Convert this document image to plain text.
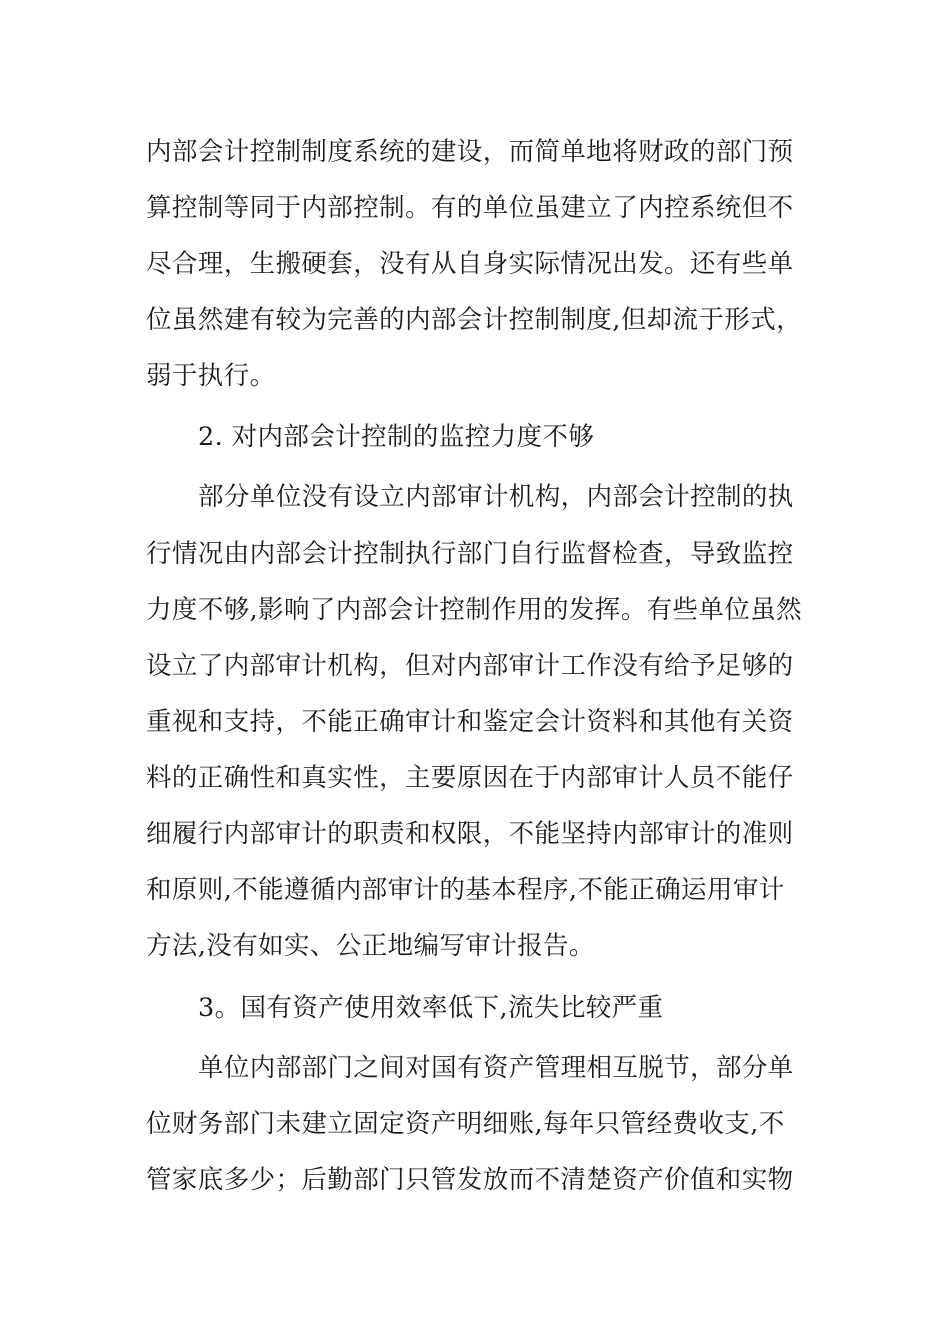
内部会计控制制度系统的建设，而简单地将财政的部门预
算控制等同于内部控制。有的单位虽建立了内控系统但不
尽合理，生搬硬套，没有从自身实际情况出发。还有些单
位虽然建有较为完善的内部会计控制制度,但却流于形式，
弱于执行。
2. 对内部会计控制的监控力度不够
部分单位没有设立内部审计机构，内部会计控制的执
行情况由内部会计控制执行部门自行监督检查，导致监控
力度不够,影响了内部会计控制作用的发挥。有些单位虽然
设立了内部审计机构，但对内部审计工作没有给予足够的
重视和支持，不能正确审计和鉴定会计资料和其他有关资
料的正确性和真实性，主要原因在于内部审计人员不能仔
细履行内部审计的职责和权限，不能坚持内部审计的准则
和原则,不能遵循内部审计的基本程序,不能正确运用审计
方法,没有如实、公正地编写审计报告。
3。国有资产使用效率低下,流失比较严重
单位内部部门之间对国有资产管理相互脱节，部分单
位财务部门未建立固定资产明细账,每年只管经费收支,不
管家底多少；后勤部门只管发放而不清楚资产价值和实物
